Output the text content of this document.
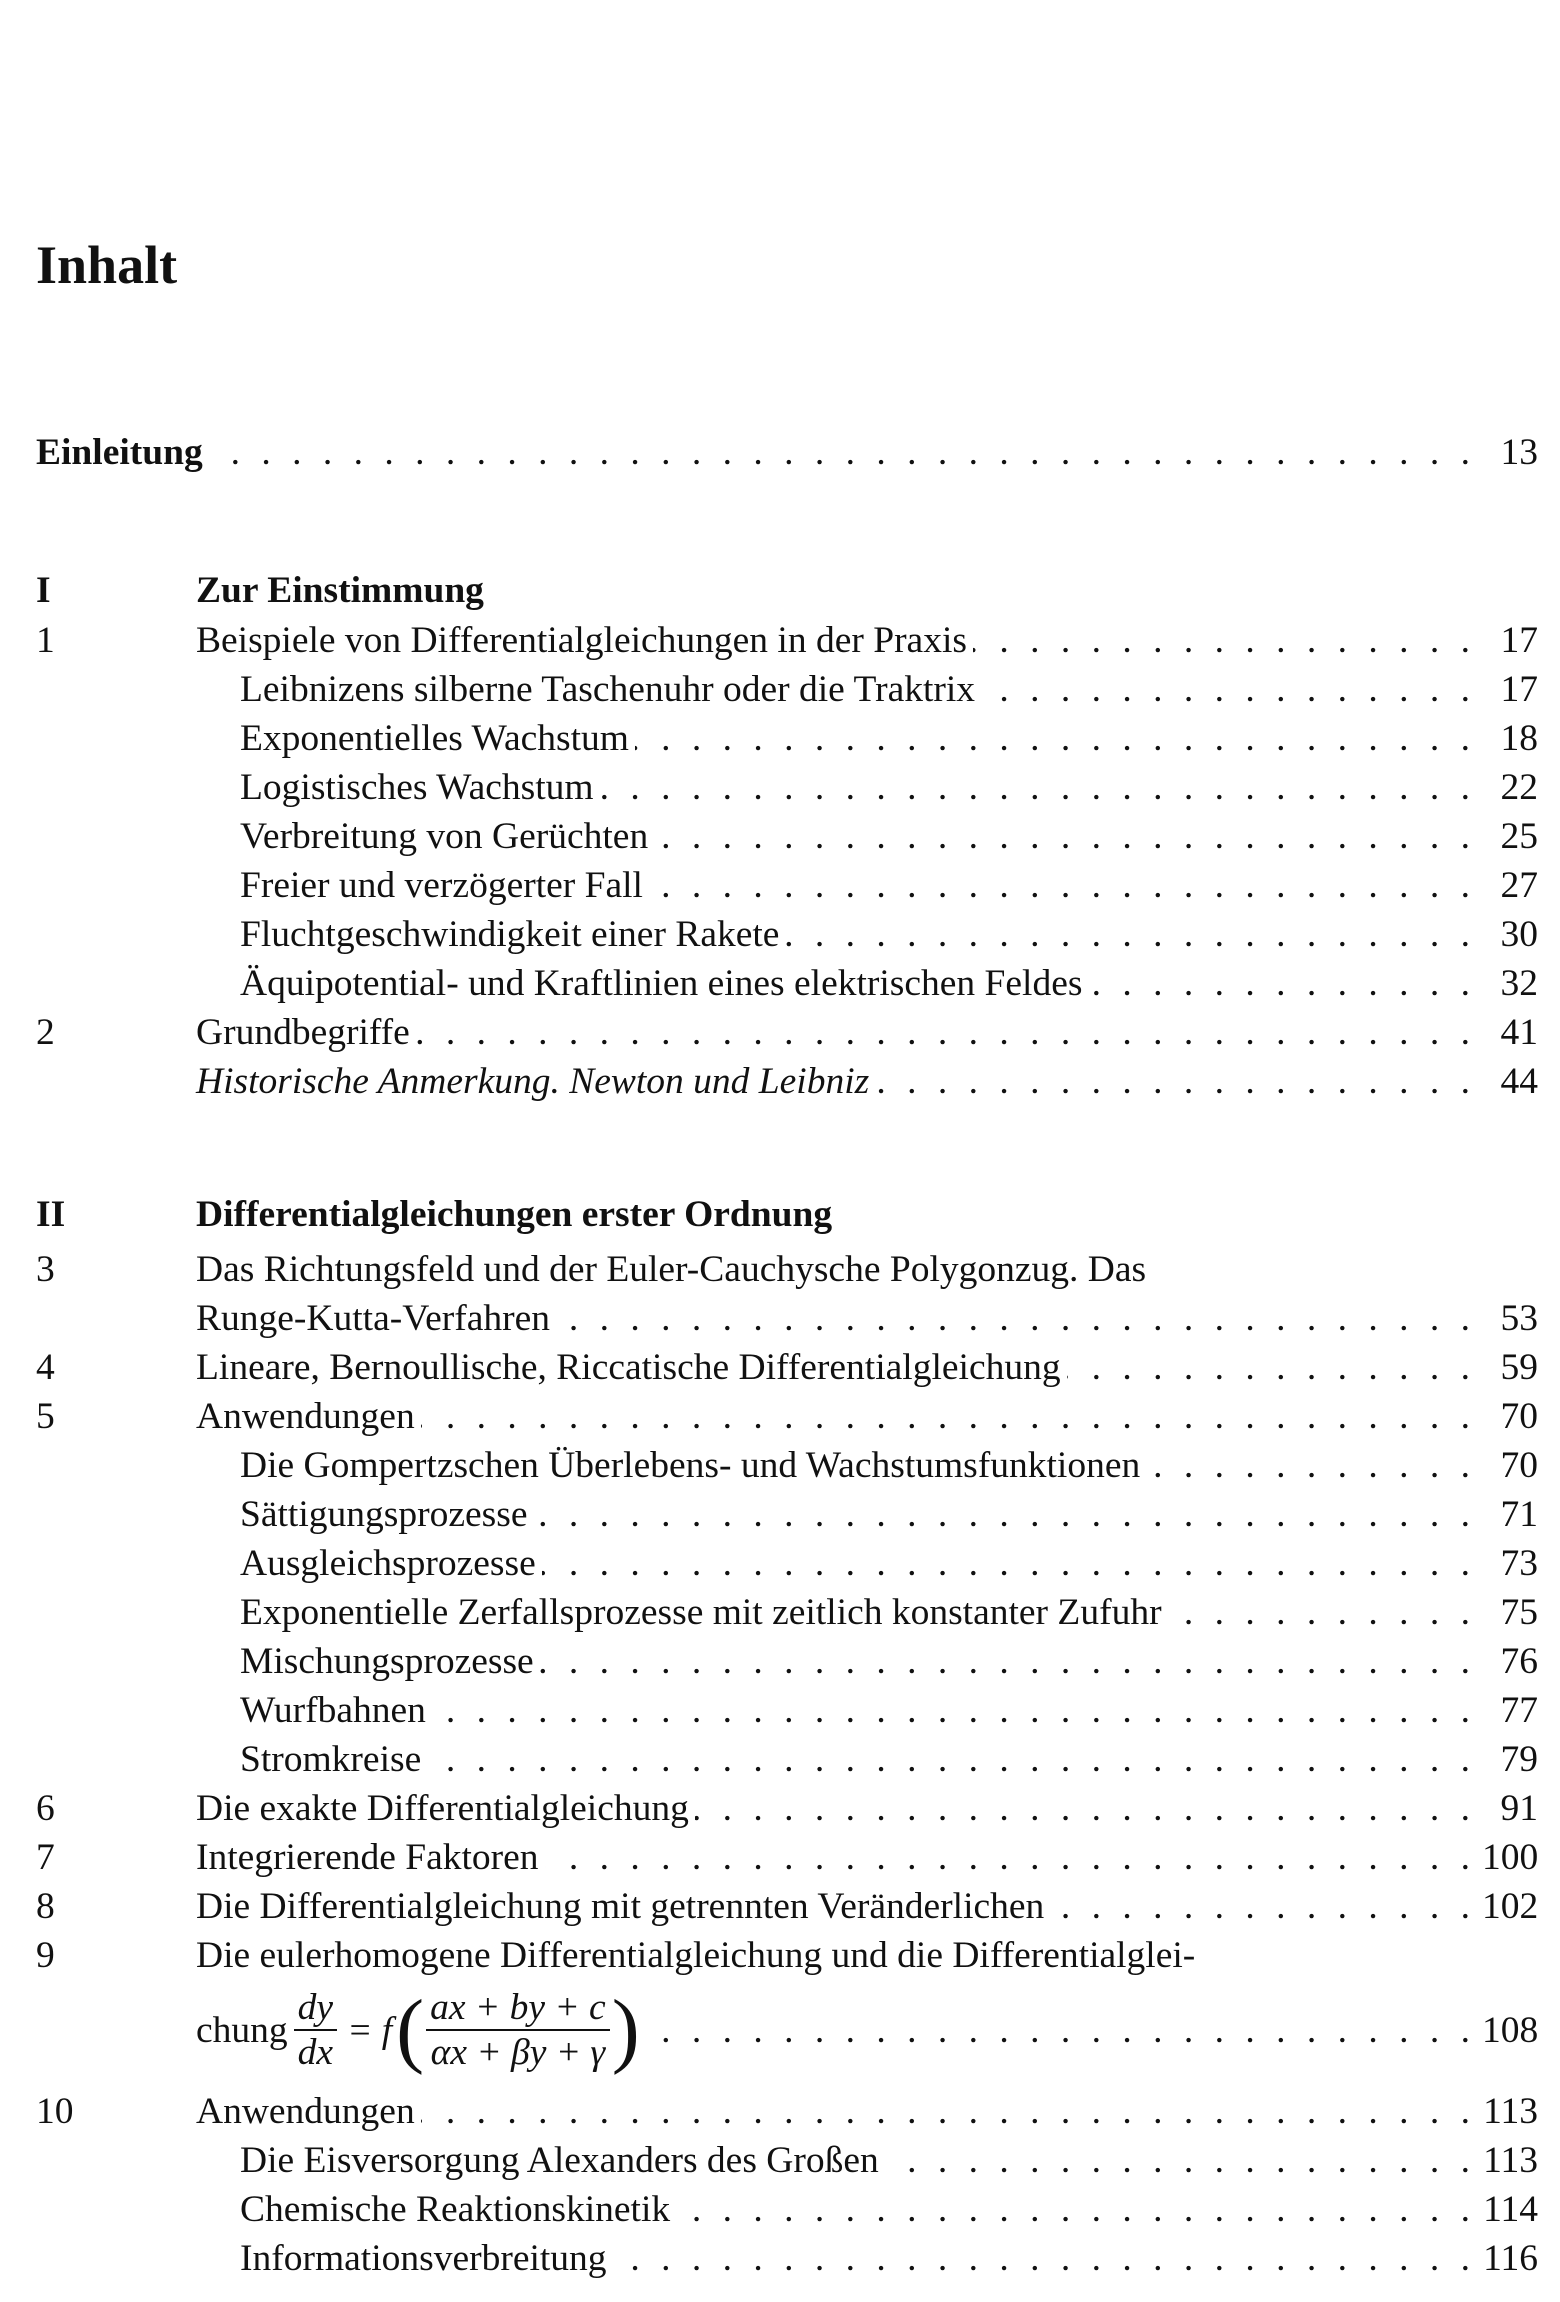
Inhalt
Einleitung . . .	13
I	Zur Einstimmung
1	Beispiele von Differentialgleichungen in der Praxis . . .	17
Leibnizens silberne Taschenuhr oder die Traktrix . . .	17
Exponentielles Wachstum . . .	18
Logistisches Wachstum . . .	22
Verbreitung von Gerüchten . . .	25
Freier und verzögerter Fall . . .	27
Fluchtgeschwindigkeit einer Rakete . . .	30
Äquipotential- und Kraftlinien eines elektrischen Feldes . . .	32
2	Grundbegriffe . . .	41
Historische Anmerkung. Newton und Leibniz . . .	44
II	Differentialgleichungen erster Ordnung
3	Das Richtungsfeld und der Euler-Cauchysche Polygonzug. Das
Runge-Kutta-Verfahren . . .	53
4	Lineare, Bernoullische, Riccatische Differentialgleichung . . .	59
5	Anwendungen . . .	70
Die Gompertzschen Überlebens- und Wachstumsfunktionen . . .	70
Sättigungsprozesse . . .	71
Ausgleichsprozesse . . .	73
Exponentielle Zerfallsprozesse mit zeitlich konstanter Zufuhr . . .	75
Mischungsprozesse . . .	76
Wurfbahnen . . .	77
Stromkreise . . .	79
6	Die exakte Differentialgleichung . . .	91
7	Integrierende Faktoren . . .	100
8	Die Differentialgleichung mit getrennten Veränderlichen . . .	102
9	Die eulerhomogene Differentialgleichung und die Differentialglei-
chung $\frac{dy}{dx} = f$ ( $\frac{ax + by + c}{\alpha x + \beta y + \gamma}$ ) . . .	108
10	Anwendungen . . .	113
Die Eisversorgung Alexanders des Großen . . .	113
Chemische Reaktionskinetik . . .	114
Informationsverbreitung . . .	116
